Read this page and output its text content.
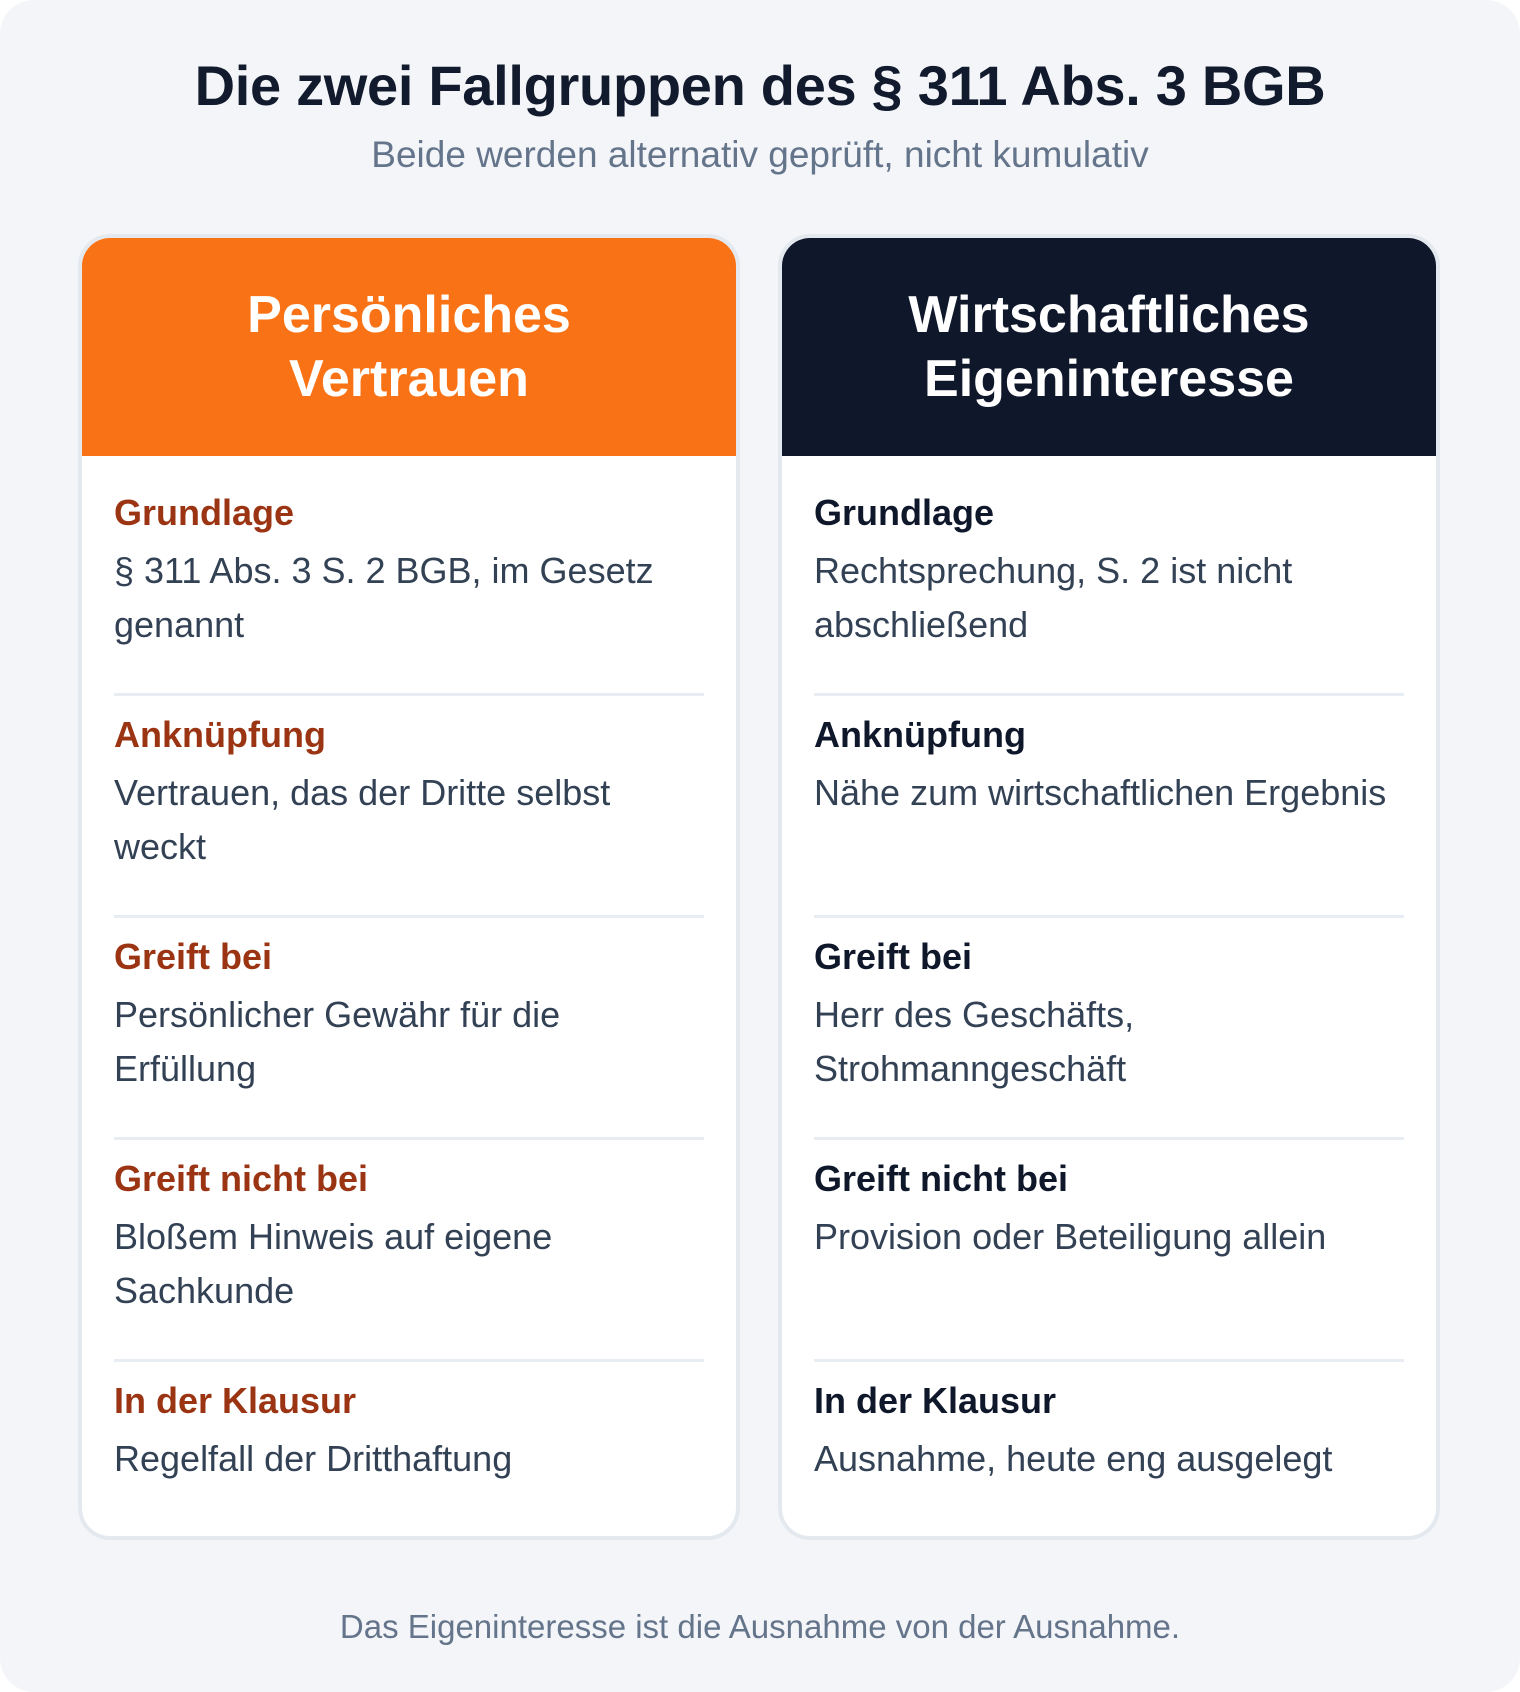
Die zwei Fallgruppen des § 311 Abs. 3 BGB
Beide werden alternativ geprüft, nicht kumulativ
Persönliches Vertrauen
Grundlage
§ 311 Abs. 3 S. 2 BGB, im Gesetz genannt
Anknüpfung
Vertrauen, das der Dritte selbst weckt
Greift bei
Persönlicher Gewähr für die Erfüllung
Greift nicht bei
Bloßem Hinweis auf eigene Sachkunde
In der Klausur
Regelfall der Dritthaftung
Wirtschaftliches Eigeninteresse
Grundlage
Rechtsprechung, S. 2 ist nicht abschließend
Anknüpfung
Nähe zum wirtschaftlichen Ergebnis
Greift bei
Herr des Geschäfts, Strohmanngeschäft
Greift nicht bei
Provision oder Beteiligung allein
In der Klausur
Ausnahme, heute eng ausgelegt
Das Eigeninteresse ist die Ausnahme von der Ausnahme.
